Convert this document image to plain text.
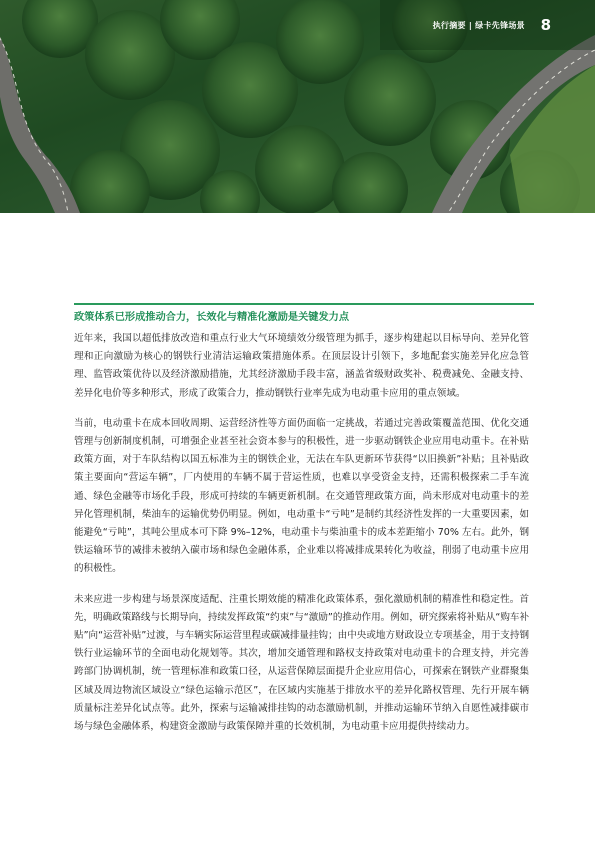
执行摘要 | 绿卡先锋场景 8
政策体系已形成推动合力，长效化与精准化激励是关键发力点

近年来，我国以超低排放改造和重点行业大气环境绩效分级管理为抓手，逐步构建起以目标导向、差异化管理和正向激励为核心的钢铁行业清洁运输政策措施体系。在顶层设计引领下，多地配套实施差异化应急管理、监管政策优待以及经济激励措施，尤其经济激励手段丰富，涵盖省级财政奖补、税费减免、金融支持、差异化电价等多种形式，形成了政策合力，推动钢铁行业率先成为电动重卡应用的重点领域。

当前，电动重卡在成本回收周期、运营经济性等方面仍面临一定挑战，若通过完善政策覆盖范围、优化交通管理与创新制度机制，可增强企业甚至社会资本参与的积极性，进一步驱动钢铁企业应用电动重卡。在补贴政策方面，对于车队结构以国五标准为主的钢铁企业，无法在车队更新环节获得“以旧换新”补贴；且补贴政策主要面向“营运车辆”，厂内使用的车辆不属于营运性质，也难以享受资金支持，还需积极探索二手车流通、绿色金融等市场化手段，形成可持续的车辆更新机制。在交通管理政策方面，尚未形成对电动重卡的差异化管理机制，柴油车的运输优势仍明显。例如，电动重卡“亏吨”是制约其经济性发挥的一大重要因素，如能避免“亏吨”，其吨公里成本可下降 9%–12%，电动重卡与柴油重卡的成本差距缩小 70% 左右。此外，钢铁运输环节的减排未被纳入碳市场和绿色金融体系，企业难以将减排成果转化为收益，削弱了电动重卡应用的积极性。

未来应进一步构建与场景深度适配、注重长期效能的精准化政策体系，强化激励机制的精准性和稳定性。首先，明确政策路线与长期导向，持续发挥政策“约束”与“激励”的推动作用。例如，研究探索将补贴从“购车补贴”向“运营补贴”过渡，与车辆实际运营里程或碳减排量挂钩；由中央或地方财政设立专项基金，用于支持钢铁行业运输环节的全面电动化规划等。其次，增加交通管理和路权支持政策对电动重卡的合理支持，并完善跨部门协调机制，统一管理标准和政策口径，从运营保障层面提升企业应用信心，可探索在钢铁产业群聚集区域及周边物流区域设立“绿色运输示范区”，在区域内实施基于排放水平的差异化路权管理、先行开展车辆质量标注差异化试点等。此外，探索与运输减排挂钩的动态激励机制，并推动运输环节纳入自愿性减排碳市场与绿色金融体系，构建资金激励与政策保障并重的长效机制，为电动重卡应用提供持续动力。
